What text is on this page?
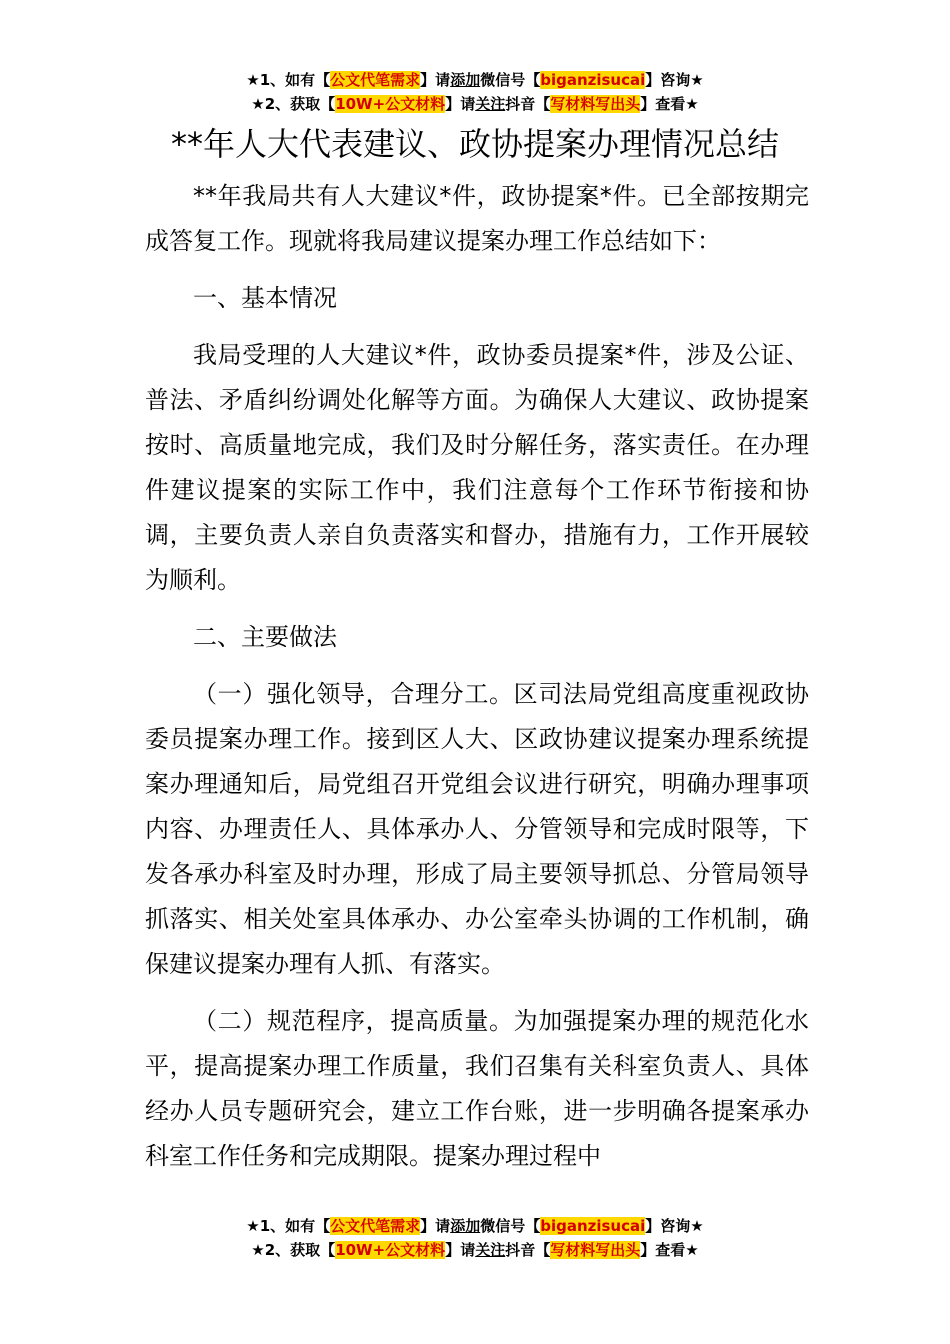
★1、如有【公文代笔需求】请添加微信号【biganzisucai】咨询★
★2、获取【10W+公文材料】请关注抖音【写材料写出头】查看★
**年人大代表建议、政协提案办理情况总结

**年我局共有人大建议*件，政协提案*件。已全部按期完成答复工作。现就将我局建议提案办理工作总结如下：

一、基本情况

我局受理的人大建议*件，政协委员提案*件，涉及公证、普法、矛盾纠纷调处化解等方面。为确保人大建议、政协提案按时、高质量地完成，我们及时分解任务，落实责任。在办理件建议提案的实际工作中，我们注意每个工作环节衔接和协调，主要负责人亲自负责落实和督办，措施有力，工作开展较为顺利。

二、主要做法

（一）强化领导，合理分工。区司法局党组高度重视政协委员提案办理工作。接到区人大、区政协建议提案办理系统提案办理通知后，局党组召开党组会议进行研究，明确办理事项内容、办理责任人、具体承办人、分管领导和完成时限等，下发各承办科室及时办理，形成了局主要领导抓总、分管局领导抓落实、相关处室具体承办、办公室牵头协调的工作机制，确保建议提案办理有人抓、有落实。

（二）规范程序，提高质量。为加强提案办理的规范化水平，提高提案办理工作质量，我们召集有关科室负责人、具体经办人员专题研究会，建立工作台账，进一步明确各提案承办科室工作任务和完成期限。提案办理过程中

★1、如有【公文代笔需求】请添加微信号【biganzisucai】咨询★
★2、获取【10W+公文材料】请关注抖音【写材料写出头】查看★
